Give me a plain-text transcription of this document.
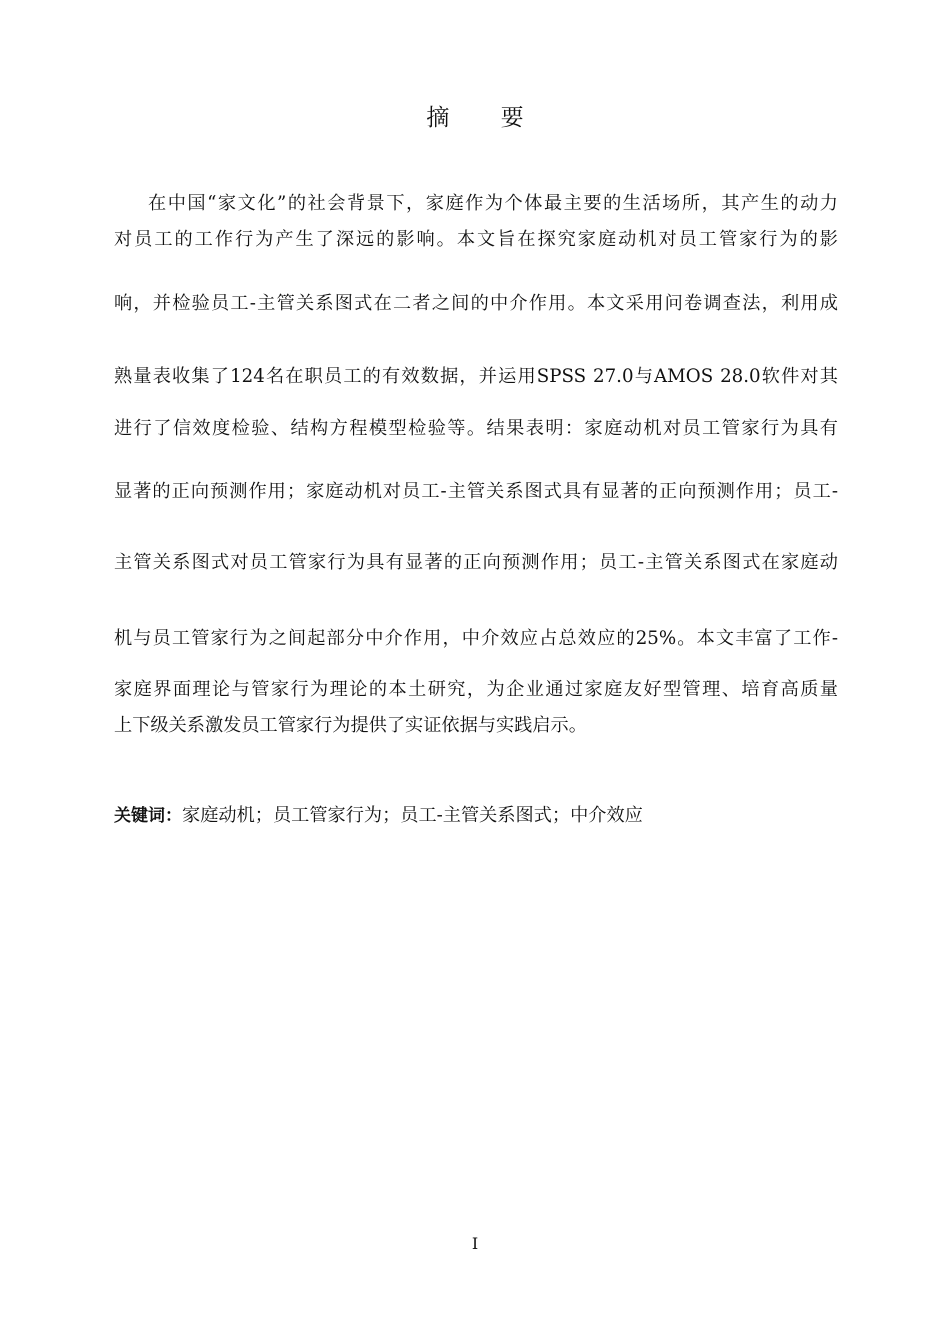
摘 要
在中国“家文化”的社会背景下，家庭作为个体最主要的生活场所，其产生的动力
对员工的工作行为产生了深远的影响。本文旨在探究家庭动机对员工管家行为的影
响，并检验员工-主管关系图式在二者之间的中介作用。本文采用问卷调查法，利用成
熟量表收集了124名在职员工的有效数据，并运用SPSS 27.0与AMOS 28.0软件对其
进行了信效度检验、结构方程模型检验等。结果表明：家庭动机对员工管家行为具有
显著的正向预测作用；家庭动机对员工-主管关系图式具有显著的正向预测作用；员工-
主管关系图式对员工管家行为具有显著的正向预测作用；员工-主管关系图式在家庭动
机与员工管家行为之间起部分中介作用，中介效应占总效应的25%。本文丰富了工作-
家庭界面理论与管家行为理论的本土研究，为企业通过家庭友好型管理、培育高质量
上下级关系激发员工管家行为提供了实证依据与实践启示。
关键词：家庭动机；员工管家行为；员工-主管关系图式；中介效应
I
